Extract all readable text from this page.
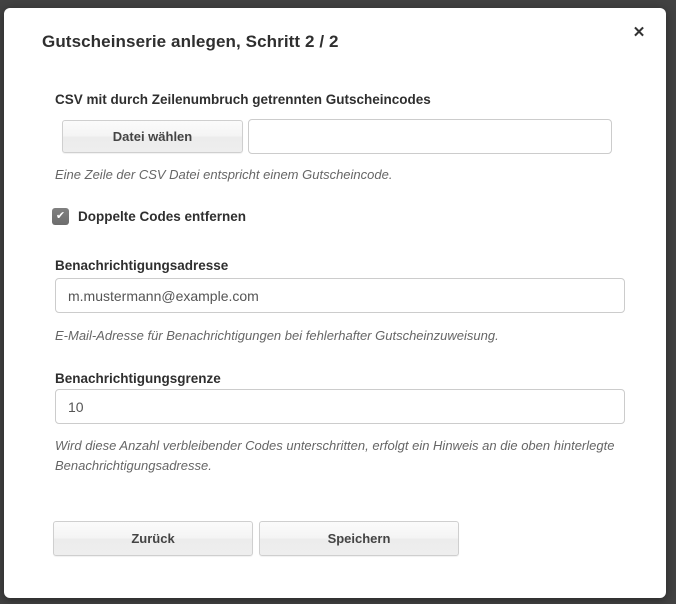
Gutscheinserie anlegen, Schritt 2 / 2	✕
CSV mit durch Zeilenumbruch getrennten Gutscheincodes
Datei wählen
Eine Zeile der CSV Datei entspricht einem Gutscheincode.
✔ Doppelte Codes entfernen
Benachrichtigungsadresse
m.mustermann@example.com
E-Mail-Adresse für Benachrichtigungen bei fehlerhafter Gutscheinzuweisung.
Benachrichtigungsgrenze
10
Wird diese Anzahl verbleibender Codes unterschritten, erfolgt ein Hinweis an die oben hinterlegte Benachrichtigungsadresse.
Zurück	Speichern
